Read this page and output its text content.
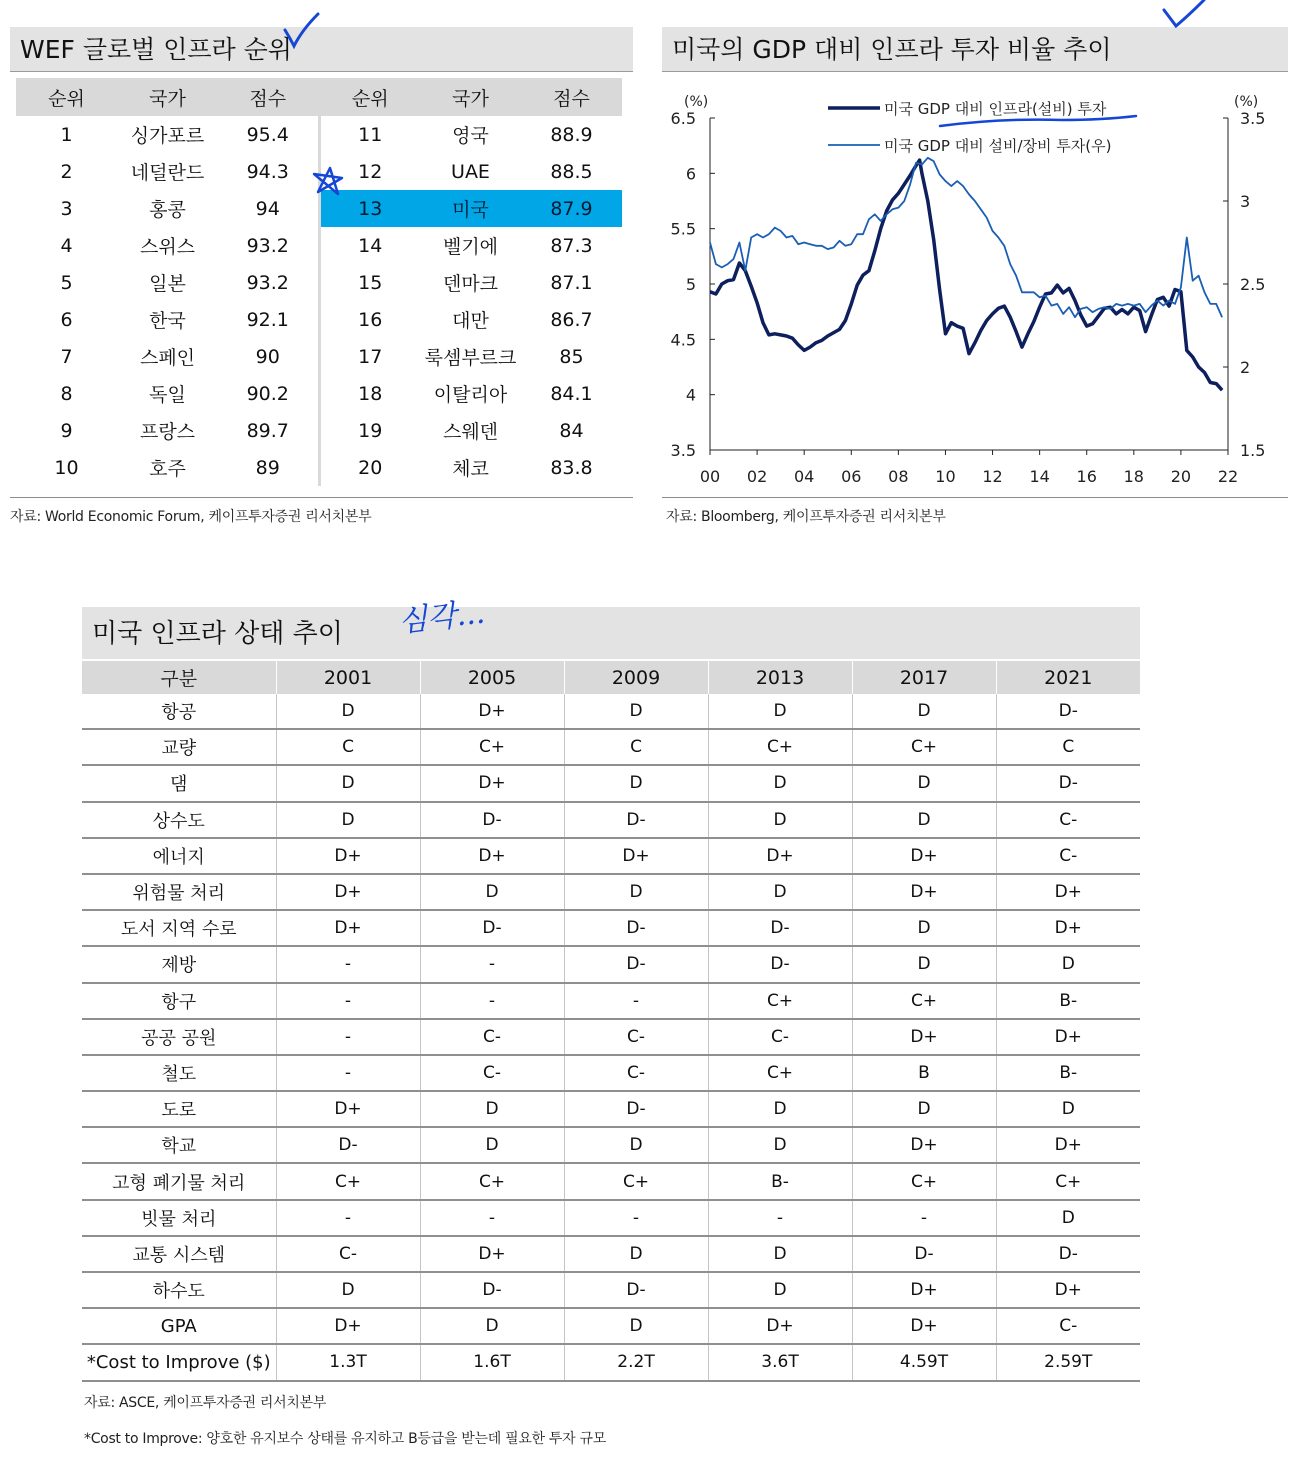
WEF 글로벌 인프라 순위
순위	국가	점수	순위	국가	점수
1	싱가포르	95.4	11	영국	88.9
2	네덜란드	94.3	12	UAE	88.5
3	홍콩	94	13	미국	87.9
4	스위스	93.2	14	벨기에	87.3
5	일본	93.2	15	덴마크	87.1
6	한국	92.1	16	대만	86.7
7	스페인	90	17	룩셈부르크	85
8	독일	90.2	18	이탈리아	84.1
9	프랑스	89.7	19	스웨덴	84
10	호주	89	20	체코	83.8
자료: World Economic Forum, 케이프투자증권 리서치본부
미국의 GDP 대비 인프라 투자 비율 추이
6.5
6
5.5
5
4.5
4
3.5
3.5
3
2.5
2
1.5
00 02 04 06 08 10 12 14 16 18 20 22
(%)	(%)
미국 GDP 대비 인프라(설비) 투자
미국 GDP 대비 설비/장비 투자(우)
자료: Bloomberg, 케이프투자증권 리서치본부
미국 인프라 상태 추이	심각...
구분	2001	2005	2009	2013	2017	2021
항공	D	D+	D	D	D	D-
교량	C	C+	C	C+	C+	C
댐	D	D+	D	D	D	D-
상수도	D	D-	D-	D	D	C-
에너지	D+	D+	D+	D+	D+	C-
위험물 처리	D+	D	D	D	D+	D+
도서 지역 수로	D+	D-	D-	D-	D	D+
제방	-	-	D-	D-	D	D
항구	-	-	-	C+	C+	B-
공공 공원	-	C-	C-	C-	D+	D+
철도	-	C-	C-	C+	B	B-
도로	D+	D	D-	D	D	D
학교	D-	D	D	D	D+	D+
고형 폐기물 처리	C+	C+	C+	B-	C+	C+
빗물 처리	-	-	-	-	-	D
교통 시스템	C-	D+	D	D	D-	D-
하수도	D	D-	D-	D	D+	D+
GPA	D+	D	D	D+	D+	C-
*Cost to Improve ($)	1.3T	1.6T	2.2T	3.6T	4.59T	2.59T
자료: ASCE, 케이프투자증권 리서치본부
*Cost to Improve: 양호한 유지보수 상태를 유지하고 B등급을 받는데 필요한 투자 규모
